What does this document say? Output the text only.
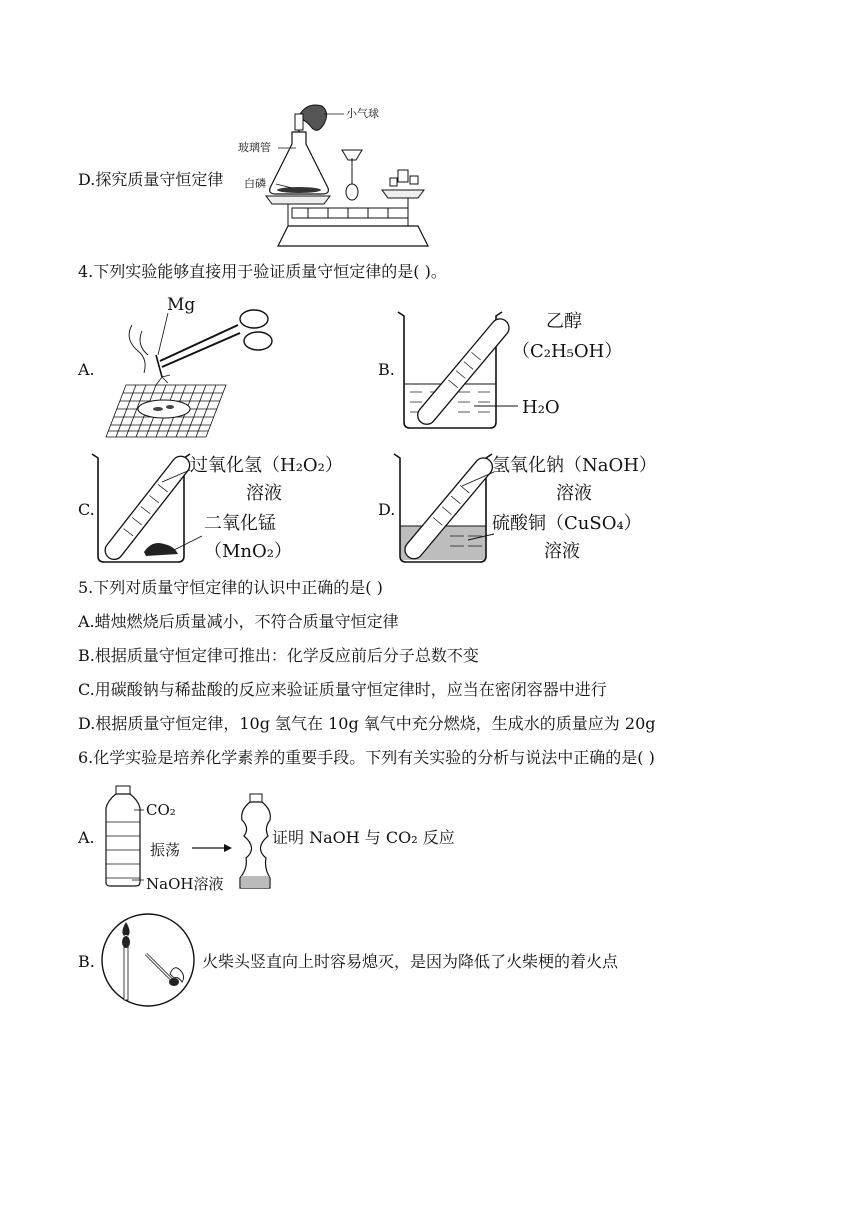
D.探究质量守恒定律
小气球
玻璃管
白磷
4.下列实验能够直接用于验证质量守恒定律的是( )。
A.
Mg
B.
乙醇
（C₂H₅OH）
H₂O
C.
过氧化氢（H₂O₂）
溶液
二氧化锰
（MnO₂）
D.
氢氧化钠（NaOH）
溶液
硫酸铜（CuSO₄）
溶液
5.下列对质量守恒定律的认识中正确的是( )
A.蜡烛燃烧后质量减小，不符合质量守恒定律
B.根据质量守恒定律可推出：化学反应前后分子总数不变
C.用碳酸钠与稀盐酸的反应来验证质量守恒定律时，应当在密闭容器中进行
D.根据质量守恒定律，10g 氢气在 10g 氧气中充分燃烧，生成水的质量应为 20g
6.化学实验是培养化学素养的重要手段。下列有关实验的分析与说法中正确的是( )
A.
CO₂
振荡
NaOH溶液
证明 NaOH 与 CO₂ 反应
B.	火柴头竖直向上时容易熄灭，是因为降低了火柴梗的着火点
